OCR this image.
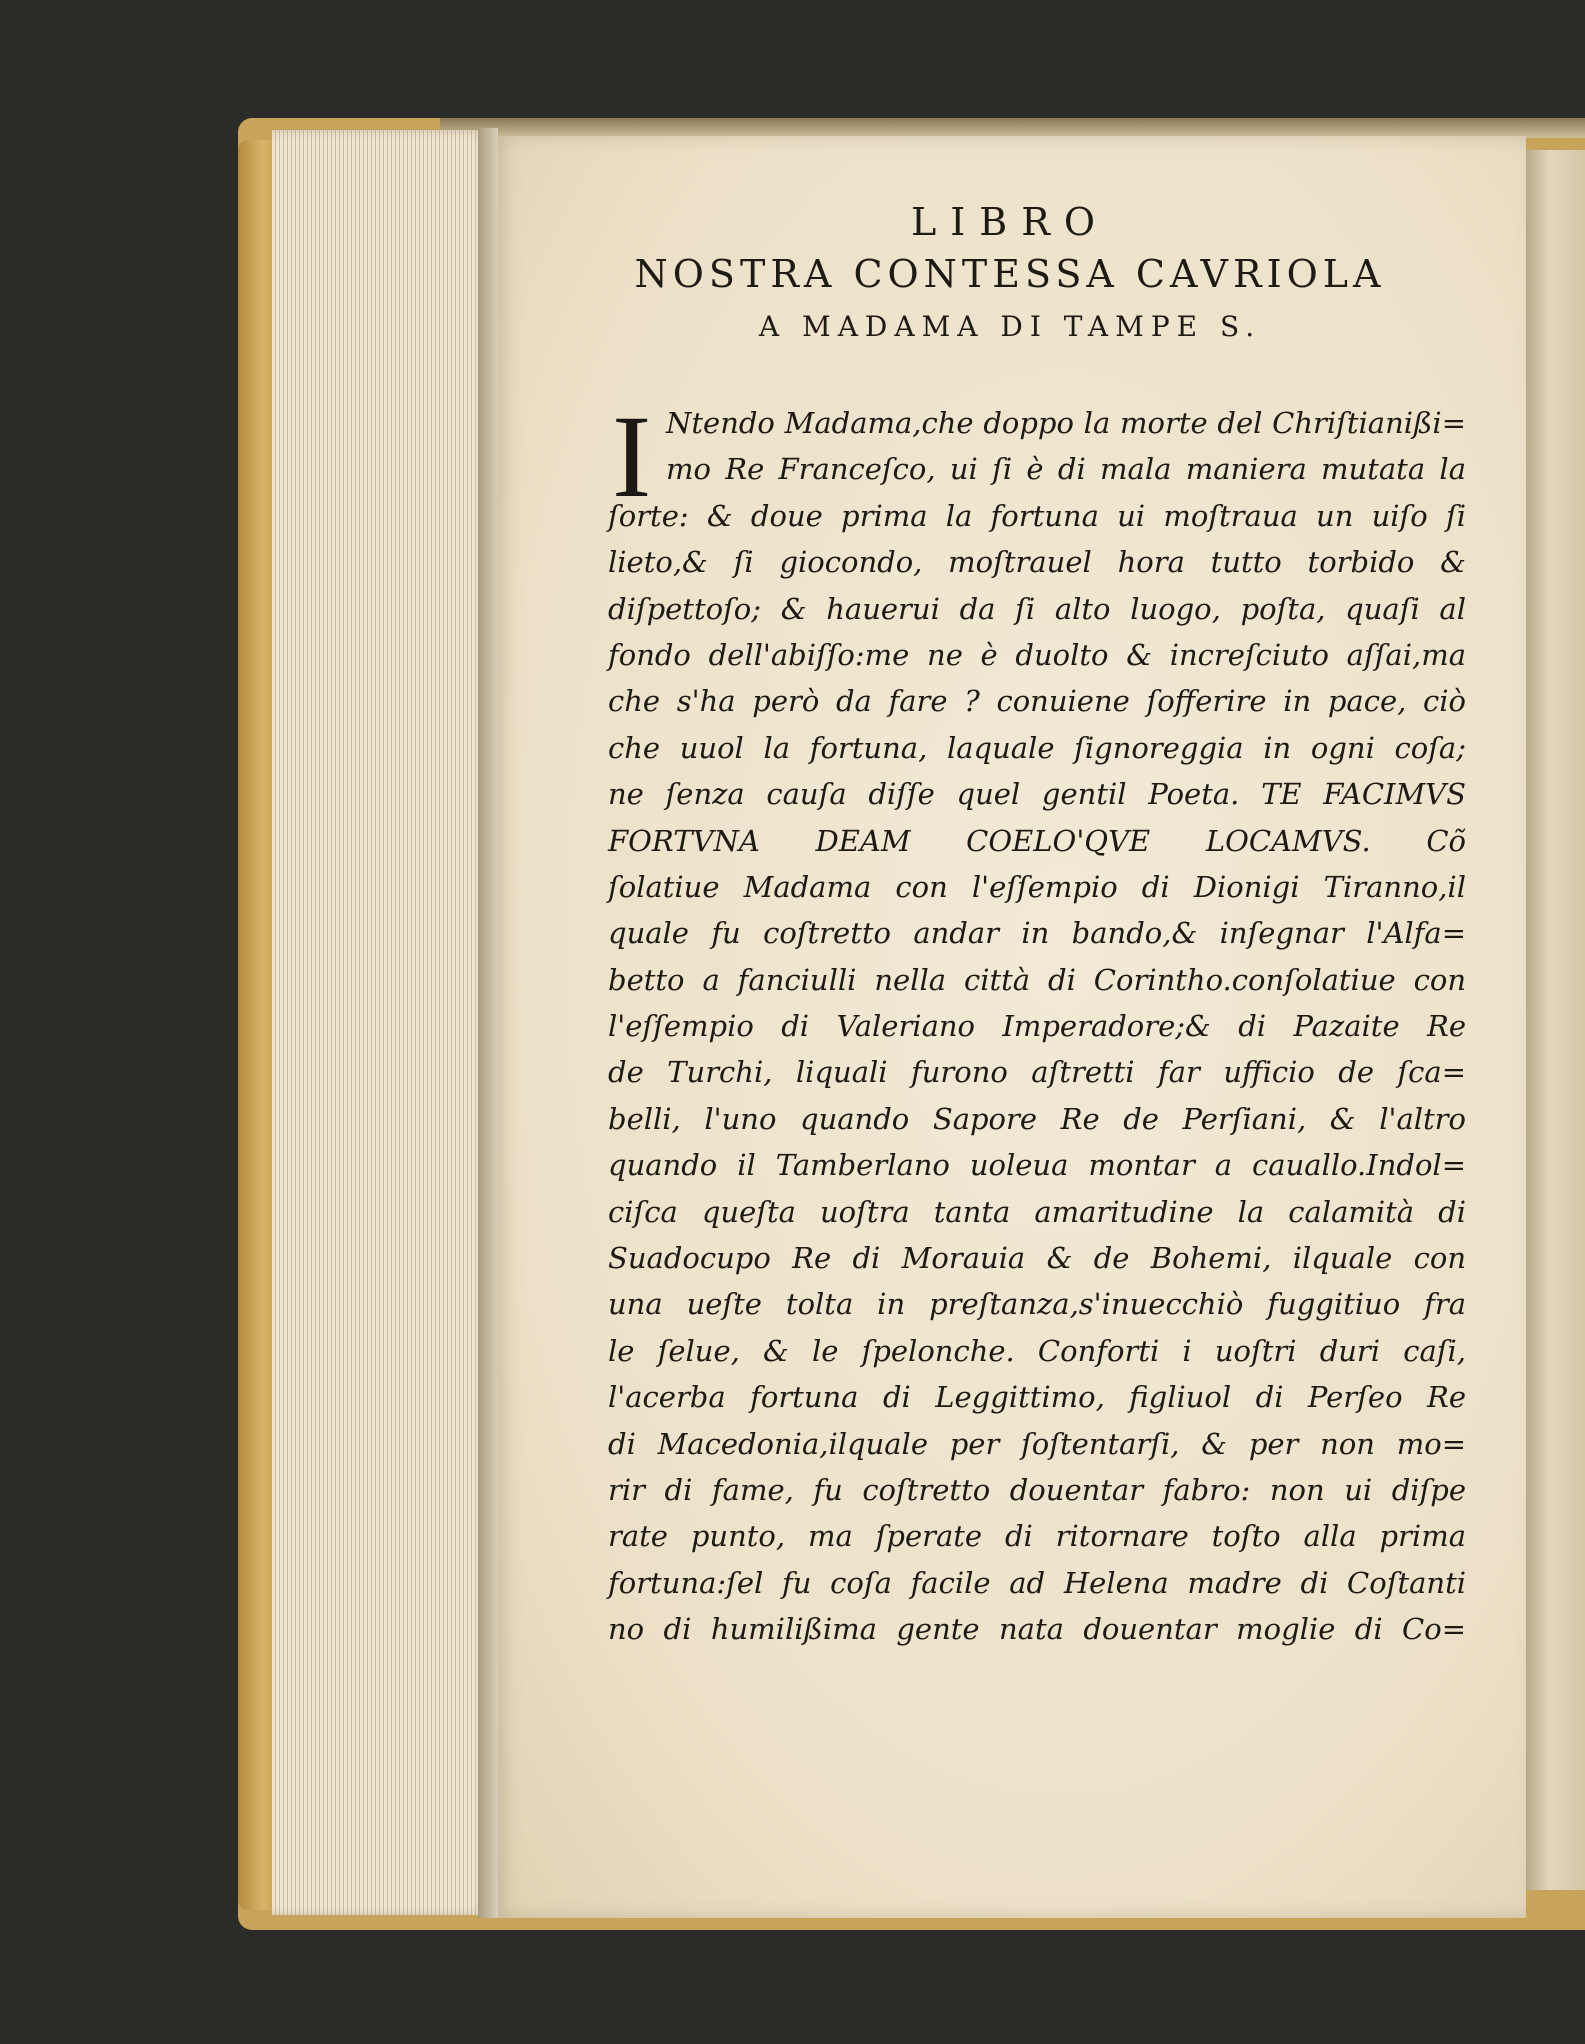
LIBRO
NOSTRA CONTESSA CAVRIOLA
A MADAMA DI TAMPE S.
I Ntendo Madama,che doppo la morte del Chriſtianißi=
mo Re Franceſco, ui ſi è di mala maniera mutata la
ſorte: & doue prima la fortuna ui moſtraua un uiſo ſi
lieto,& ſi giocondo, moſtrauel hora tutto torbido &
diſpettoſo; & hauerui da ſi alto luogo, poſta, quaſi al
fondo dell'abiſſo:me ne è duolto & increſciuto aſſai,ma
che s'ha però da fare ? conuiene ſofferire in pace, ciò
che uuol la fortuna, laquale ſignoreggia in ogni coſa;
ne ſenza cauſa diſſe quel gentil Poeta. TE FACIMVS
FORTVNA DEAM COELO'QVE LOCAMVS. Cõ
ſolatiue Madama con l'eſſempio di Dionigi Tiranno,il
quale fu coſtretto andar in bando,& inſegnar l'Alfa=
betto a fanciulli nella città di Corintho.conſolatiue con
l'eſſempio di Valeriano Imperadore;& di Pazaite Re
de Turchi, liquali furono aſtretti far ufficio de ſca=
belli, l'uno quando Sapore Re de Perſiani, & l'altro
quando il Tamberlano uoleua montar a cauallo.Indol=
ciſca queſta uoſtra tanta amaritudine la calamità di
Suadocupo Re di Morauia & de Bohemi, ilquale con
una ueſte tolta in preſtanza,s'inuecchiò fuggitiuo fra
le ſelue, & le ſpelonche. Conforti i uoſtri duri caſi,
l'acerba fortuna di Leggittimo, figliuol di Perſeo Re
di Macedonia,ilquale per ſoſtentarſi, & per non mo=
rir di fame, fu coſtretto douentar fabro: non ui diſpe
rate punto, ma ſperate di ritornare toſto alla prima
fortuna:ſel fu coſa facile ad Helena madre di Coſtanti
no di humilißima gente nata douentar moglie di Co=
